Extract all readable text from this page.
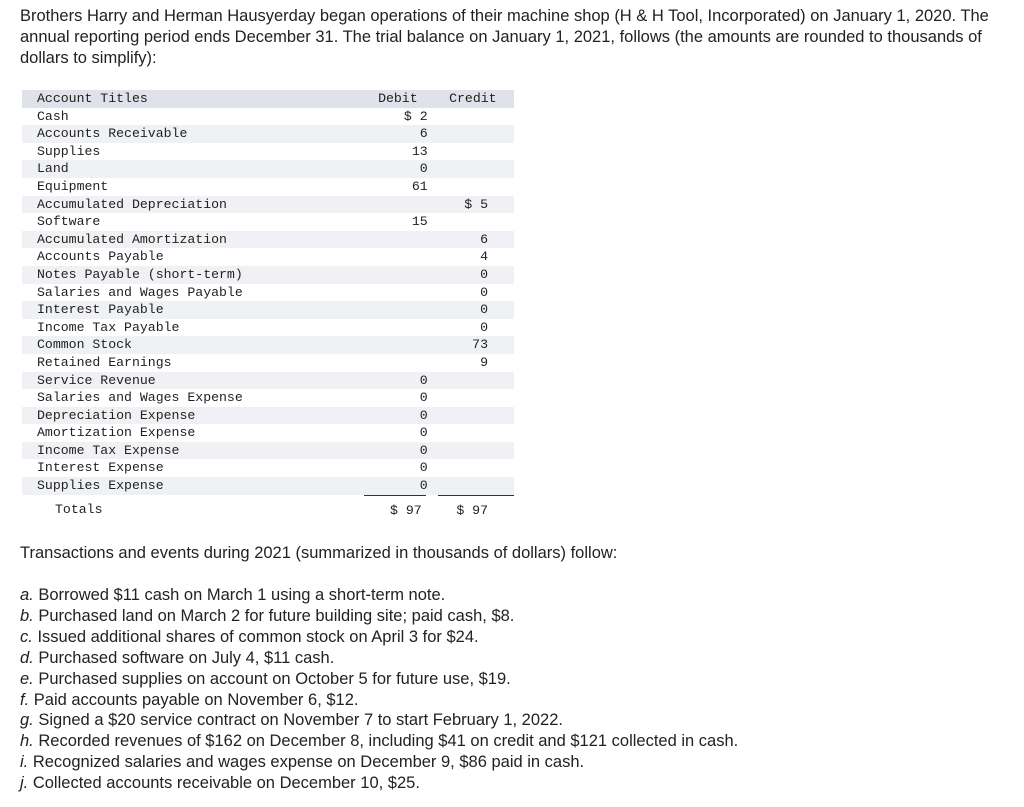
Brothers Harry and Herman Hausyerday began operations of their machine shop (H & H Tool, Incorporated) on January 1, 2020. The annual reporting period ends December 31. The trial balance on January 1, 2021, follows (the amounts are rounded to thousands of dollars to simplify):

Account Titles	Debit	Credit
Cash	$ 2	
Accounts Receivable	6	
Supplies	13	
Land	0	
Equipment	61	
Accumulated Depreciation		$ 5
Software	15	
Accumulated Amortization		6
Accounts Payable		4
Notes Payable (short-term)		0
Salaries and Wages Payable		0
Interest Payable		0
Income Tax Payable		0
Common Stock		73
Retained Earnings		9
Service Revenue	0	
Salaries and Wages Expense	0	
Depreciation Expense	0	
Amortization Expense	0	
Income Tax Expense	0	
Interest Expense	0	
Supplies Expense	0	
Totals	$ 97	$ 97

Transactions and events during 2021 (summarized in thousands of dollars) follow:

a. Borrowed $11 cash on March 1 using a short-term note.
b. Purchased land on March 2 for future building site; paid cash, $8.
c. Issued additional shares of common stock on April 3 for $24.
d. Purchased software on July 4, $11 cash.
e. Purchased supplies on account on October 5 for future use, $19.
f. Paid accounts payable on November 6, $12.
g. Signed a $20 service contract on November 7 to start February 1, 2022.
h. Recorded revenues of $162 on December 8, including $41 on credit and $121 collected in cash.
i. Recognized salaries and wages expense on December 9, $86 paid in cash.
j. Collected accounts receivable on December 10, $25.
